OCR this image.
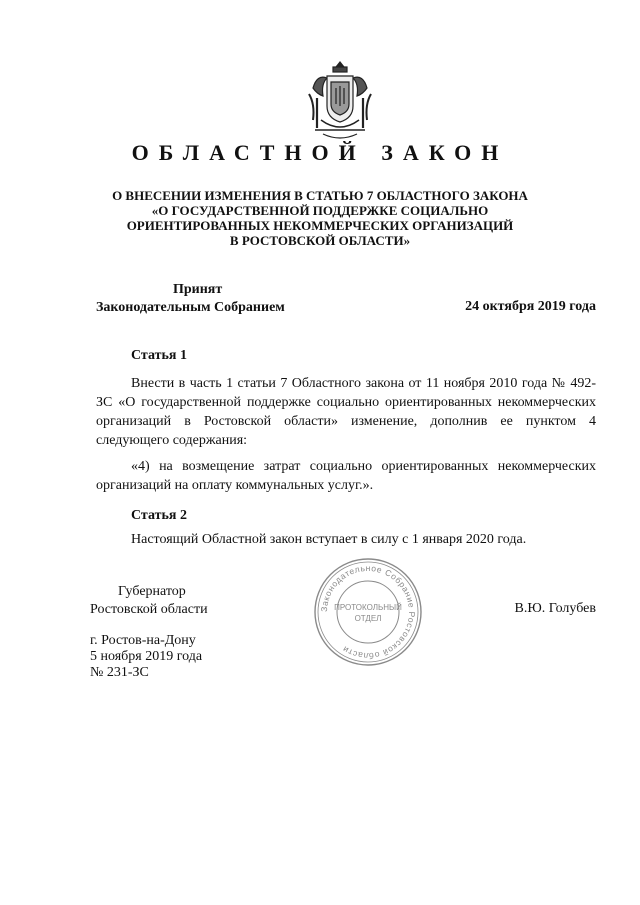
ОБЛАСТНОЙ ЗАКОН
О ВНЕСЕНИИ ИЗМЕНЕНИЯ В СТАТЬЮ 7 ОБЛАСТНОГО ЗАКОНА
«О ГОСУДАРСТВЕННОЙ ПОДДЕРЖКЕ СОЦИАЛЬНО
ОРИЕНТИРОВАННЫХ НЕКОММЕРЧЕСКИХ ОРГАНИЗАЦИЙ
В РОСТОВСКОЙ ОБЛАСТИ»
Принят
Законодательным Собранием	24 октября 2019 года
Статья 1
Внести в часть 1 статьи 7 Областного закона от 11 ноября 2010 года № 492-ЗС «О государственной поддержке социально ориентированных некоммерческих организаций в Ростовской области» изменение, дополнив ее пунктом 4 следующего содержания:
«4) на возмещение затрат социально ориентированных некоммерческих организаций на оплату коммунальных услуг.».
Статья 2
Настоящий Областной закон вступает в силу с 1 января 2020 года.
Законодательное Собрание Ростовской области
ПРОТОКОЛЬНЫЙ
ОТДЕЛ
Губернатор
Ростовской области	В.Ю. Голубев
г. Ростов-на-Дону
5 ноября 2019 года
№ 231-ЗС
